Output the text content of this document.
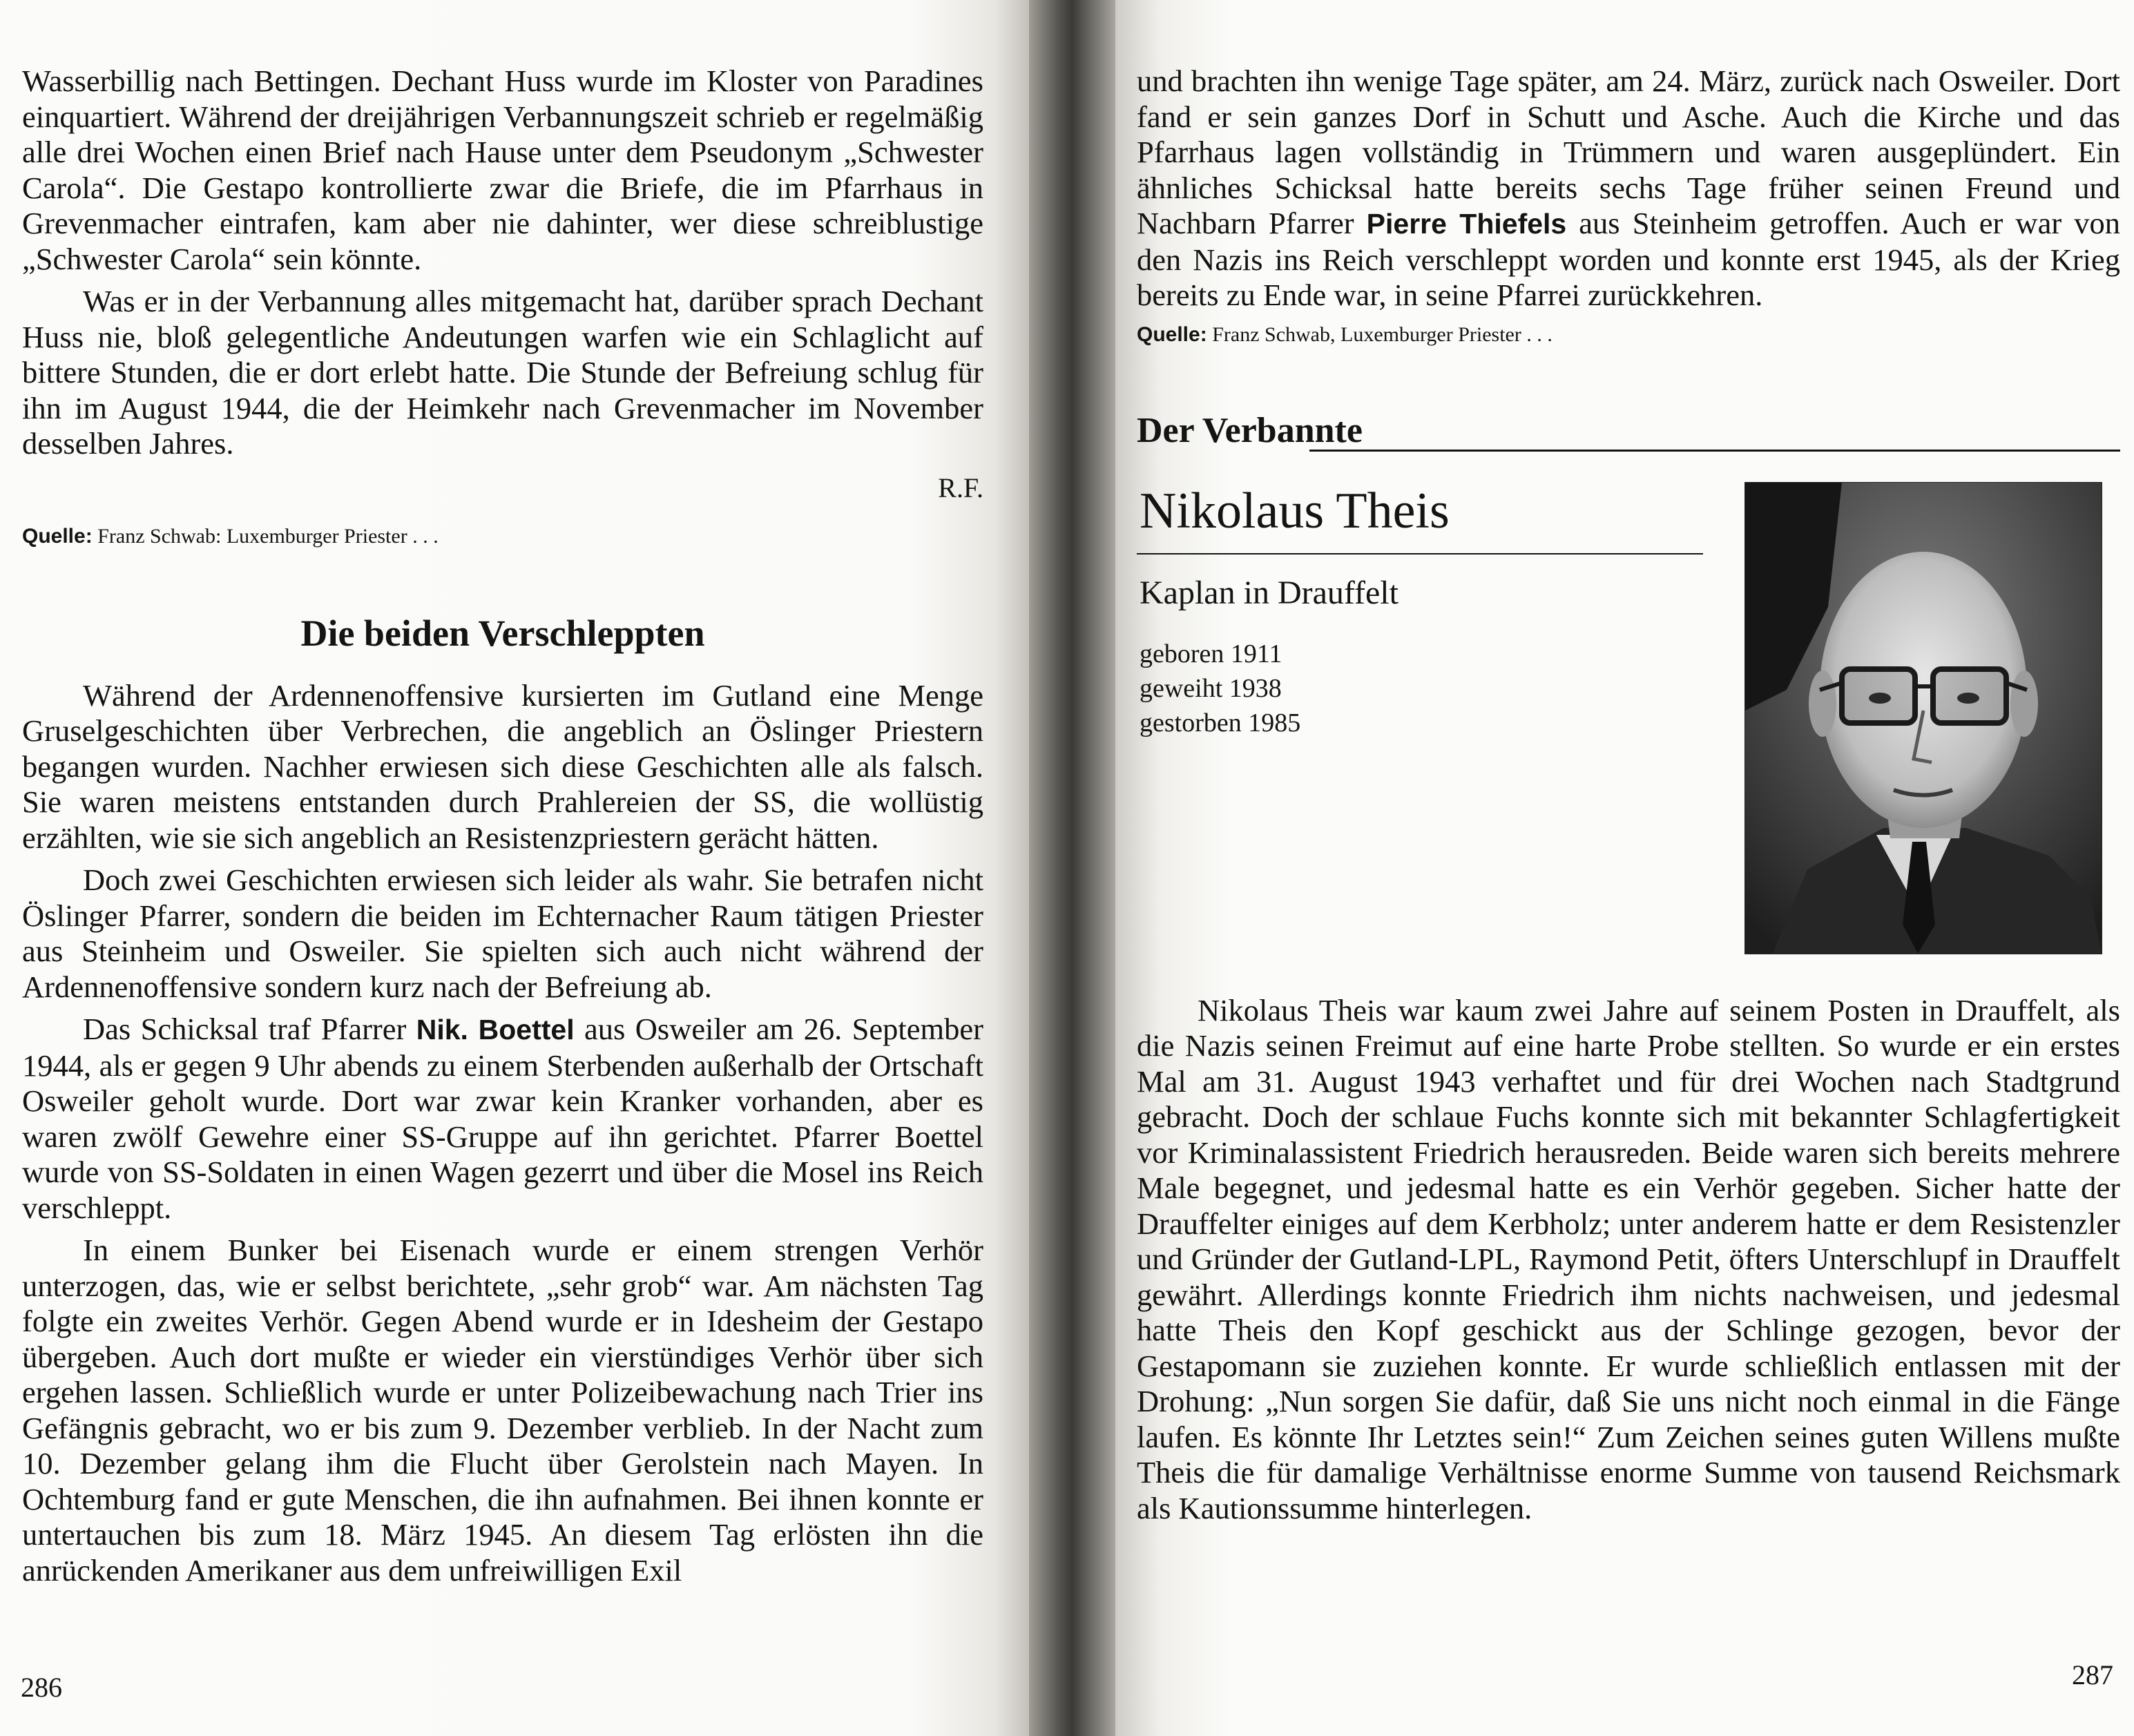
Wasserbillig nach Bettingen. Dechant Huss wurde im Kloster von Paradines einquartiert. Während der dreijährigen Verbannungszeit schrieb er regelmäßig alle drei Wochen einen Brief nach Hause unter dem Pseudonym „Schwester Carola“. Die Gestapo kontrollierte zwar die Briefe, die im Pfarrhaus in Grevenmacher eintrafen, kam aber nie dahinter, wer diese schreiblustige „Schwester Carola“ sein könnte.

Was er in der Verbannung alles mitgemacht hat, darüber sprach Dechant Huss nie, bloß gelegentliche Andeutungen warfen wie ein Schlaglicht auf bittere Stunden, die er dort erlebt hatte. Die Stunde der Befreiung schlug für ihn im August 1944, die der Heimkehr nach Grevenmacher im November desselben Jahres.

R.F.

Quelle: Franz Schwab: Luxemburger Priester . . .

Die beiden Verschleppten

Während der Ardennenoffensive kursierten im Gutland eine Menge Gruselgeschichten über Verbrechen, die angeblich an Öslinger Priestern begangen wurden. Nachher erwiesen sich diese Geschichten alle als falsch. Sie waren meistens entstanden durch Prahlereien der SS, die wollüstig erzählten, wie sie sich angeblich an Resistenzpriestern gerächt hätten.

Doch zwei Geschichten erwiesen sich leider als wahr. Sie betrafen nicht Öslinger Pfarrer, sondern die beiden im Echternacher Raum tätigen Priester aus Steinheim und Osweiler. Sie spielten sich auch nicht während der Ardennenoffensive sondern kurz nach der Befreiung ab.

Das Schicksal traf Pfarrer Nik. Boettel aus Osweiler am 26. September 1944, als er gegen 9 Uhr abends zu einem Sterbenden außerhalb der Ortschaft Osweiler geholt wurde. Dort war zwar kein Kranker vorhanden, aber es waren zwölf Gewehre einer SS-Gruppe auf ihn gerichtet. Pfarrer Boettel wurde von SS-Soldaten in einen Wagen gezerrt und über die Mosel ins Reich verschleppt.

In einem Bunker bei Eisenach wurde er einem strengen Verhör unterzogen, das, wie er selbst berichtete, „sehr grob“ war. Am nächsten Tag folgte ein zweites Verhör. Gegen Abend wurde er in Idesheim der Gestapo übergeben. Auch dort mußte er wieder ein vierstündiges Verhör über sich ergehen lassen. Schließlich wurde er unter Polizeibewachung nach Trier ins Gefängnis gebracht, wo er bis zum 9. Dezember verblieb. In der Nacht zum 10. Dezember gelang ihm die Flucht über Gerolstein nach Mayen. In Ochtemburg fand er gute Menschen, die ihn aufnahmen. Bei ihnen konnte er untertauchen bis zum 18. März 1945. An diesem Tag erlösten ihn die anrückenden Amerikaner aus dem unfreiwilligen Exil

286

und brachten ihn wenige Tage später, am 24. März, zurück nach Osweiler. Dort fand er sein ganzes Dorf in Schutt und Asche. Auch die Kirche und das Pfarrhaus lagen vollständig in Trümmern und waren ausgeplündert. Ein ähnliches Schicksal hatte bereits sechs Tage früher seinen Freund und Nachbarn Pfarrer Pierre Thiefels aus Steinheim getroffen. Auch er war von den Nazis ins Reich verschleppt worden und konnte erst 1945, als der Krieg bereits zu Ende war, in seine Pfarrei zurückkehren.

Quelle: Franz Schwab, Luxemburger Priester . . .

Der Verbannte
Nikolaus Theis
Kaplan in Drauffelt
geboren 1911
geweiht 1938
gestorben 1985

Nikolaus Theis war kaum zwei Jahre auf seinem Posten in Drauffelt, als die Nazis seinen Freimut auf eine harte Probe stellten. So wurde er ein erstes Mal am 31. August 1943 verhaftet und für drei Wochen nach Stadtgrund gebracht. Doch der schlaue Fuchs konnte sich mit bekannter Schlagfertigkeit vor Kriminalassistent Friedrich herausreden. Beide waren sich bereits mehrere Male begegnet, und jedesmal hatte es ein Verhör gegeben. Sicher hatte der Drauffelter einiges auf dem Kerbholz; unter anderem hatte er dem Resistenzler und Gründer der Gutland-LPL, Raymond Petit, öfters Unterschlupf in Drauffelt gewährt. Allerdings konnte Friedrich ihm nichts nachweisen, und jedesmal hatte Theis den Kopf geschickt aus der Schlinge gezogen, bevor der Gestapomann sie zuziehen konnte. Er wurde schließlich entlassen mit der Drohung: „Nun sorgen Sie dafür, daß Sie uns nicht noch einmal in die Fänge laufen. Es könnte Ihr Letztes sein!“ Zum Zeichen seines guten Willens mußte Theis die für damalige Verhältnisse enorme Summe von tausend Reichsmark als Kautionssumme hinterlegen.

287
